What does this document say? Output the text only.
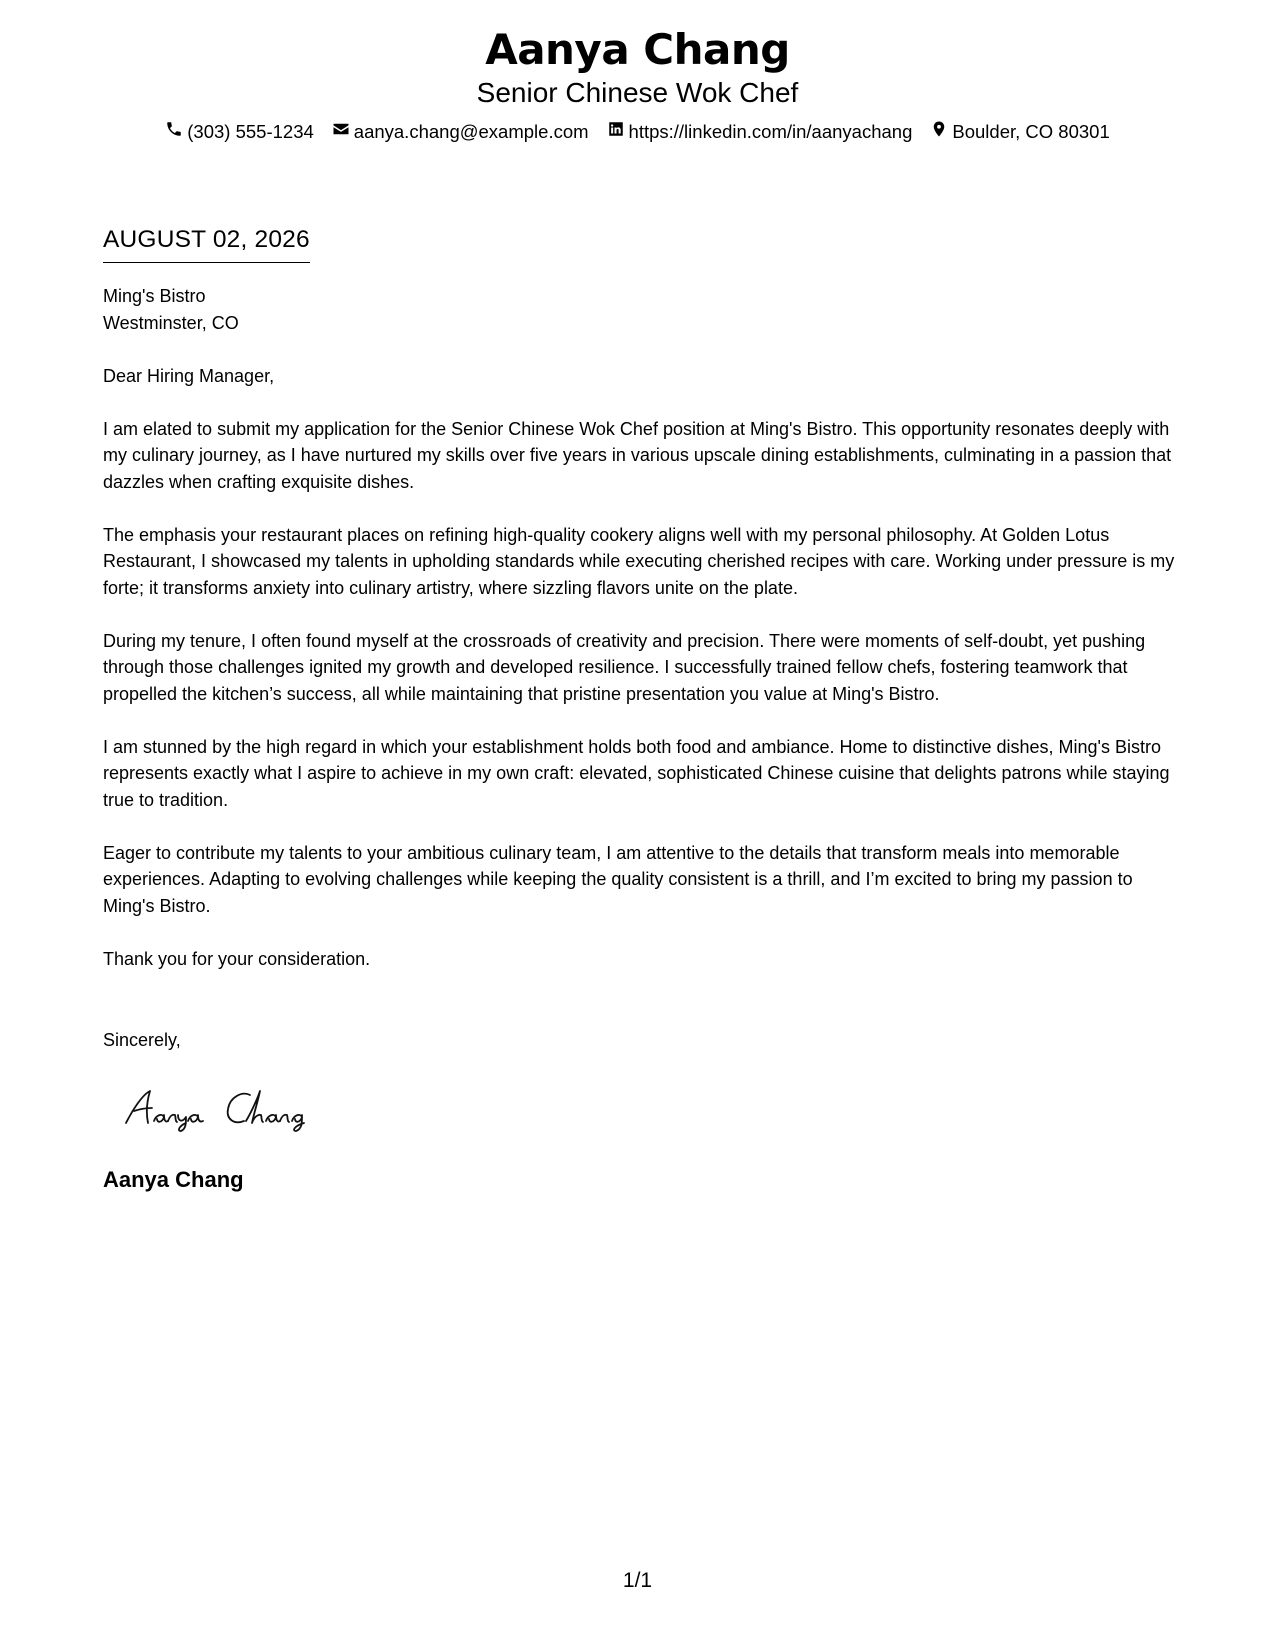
Aanya Chang
Senior Chinese Wok Chef
(303) 555-1234 aanya.chang@example.com https://linkedin.com/in/aanyachang Boulder, CO 80301
AUGUST 02, 2026

Ming's Bistro

Westminster, CO

Dear Hiring Manager,

I am elated to submit my application for the Senior Chinese Wok Chef position at Ming's Bistro. This opportunity resonates deeply with my culinary journey, as I have nurtured my skills over five years in various upscale dining establishments, culminating in a passion that dazzles when crafting exquisite dishes.

The emphasis your restaurant places on refining high-quality cookery aligns well with my personal philosophy. At Golden Lotus Restaurant, I showcased my talents in upholding standards while executing cherished recipes with care. Working under pressure is my forte; it transforms anxiety into culinary artistry, where sizzling flavors unite on the plate.

During my tenure, I often found myself at the crossroads of creativity and precision. There were moments of self-doubt, yet pushing through those challenges ignited my growth and developed resilience. I successfully trained fellow chefs, fostering teamwork that propelled the kitchen’s success, all while maintaining that pristine presentation you value at Ming's Bistro.

I am stunned by the high regard in which your establishment holds both food and ambiance. Home to distinctive dishes, Ming's Bistro represents exactly what I aspire to achieve in my own craft: elevated, sophisticated Chinese cuisine that delights patrons while staying true to tradition.

Eager to contribute my talents to your ambitious culinary team, I am attentive to the details that transform meals into memorable experiences. Adapting to evolving challenges while keeping the quality consistent is a thrill, and I’m excited to bring my passion to Ming's Bistro.

Thank you for your consideration.

Sincerely,
Aanya Chang
1/1
